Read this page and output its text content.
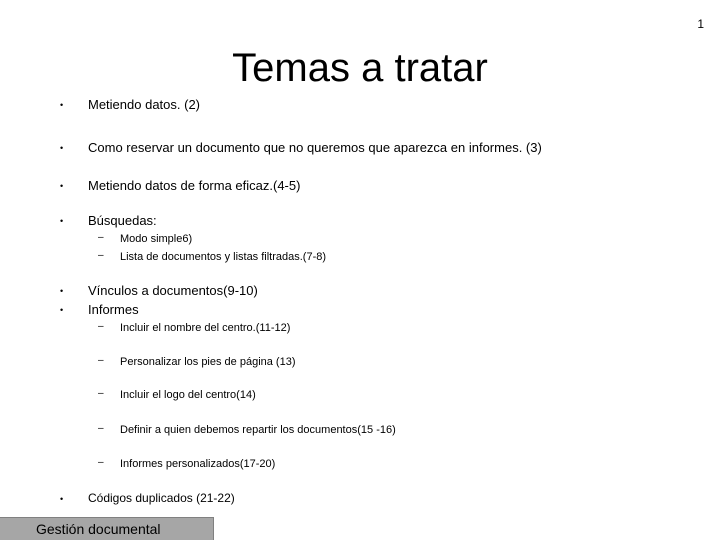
1
Temas a tratar
• Metiendo datos. (2)
• Como reservar un documento que no queremos que aparezca en informes. (3)
• Metiendo datos de forma eficaz.(4-5)
• Búsquedas:
– Modo simple6)
– Lista de documentos y listas filtradas.(7-8)
• Vínculos a documentos(9-10)
• Informes
– Incluir el nombre del centro.(11-12)
– Personalizar los pies de página (13)
– Incluir el logo del centro(14)
– Definir a quien debemos repartir los documentos(15 -16)
– Informes personalizados(17-20)
• Códigos duplicados (21-22)
Gestión documental
